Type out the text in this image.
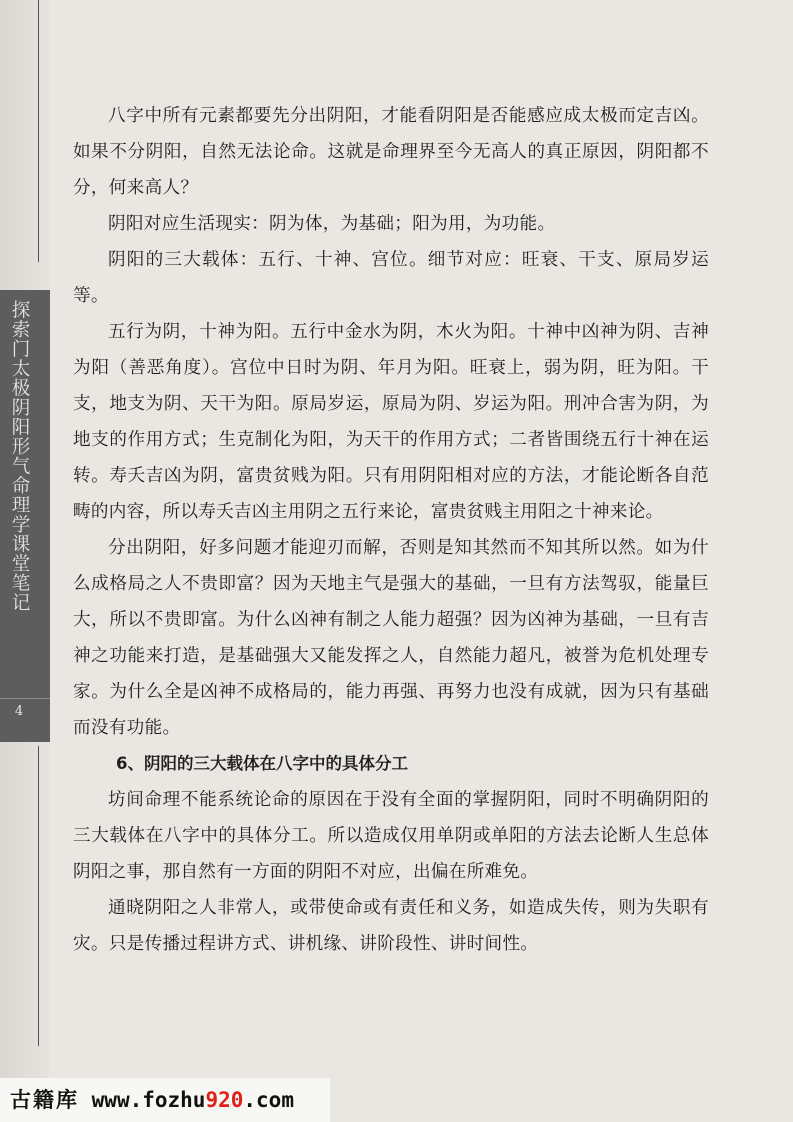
探索门太极阴阳形气命理学课堂笔记
4

八字中所有元素都要先分出阴阳，才能看阴阳是否能感应成太极而定吉凶。如果不分阴阳，自然无法论命。这就是命理界至今无高人的真正原因，阴阳都不分，何来高人？

阴阳对应生活现实：阴为体，为基础；阳为用，为功能。

阴阳的三大载体：五行、十神、宫位。细节对应：旺衰、干支、原局岁运等。

五行为阴，十神为阳。五行中金水为阴，木火为阳。十神中凶神为阴、吉神为阳（善恶角度）。宫位中日时为阴、年月为阳。旺衰上，弱为阴，旺为阳。干支，地支为阴、天干为阳。原局岁运，原局为阴、岁运为阳。刑冲合害为阴，为地支的作用方式；生克制化为阳，为天干的作用方式；二者皆围绕五行十神在运转。寿夭吉凶为阴，富贵贫贱为阳。只有用阴阳相对应的方法，才能论断各自范畴的内容，所以寿夭吉凶主用阴之五行来论，富贵贫贱主用阳之十神来论。

分出阴阳，好多问题才能迎刃而解，否则是知其然而不知其所以然。如为什么成格局之人不贵即富？因为天地主气是强大的基础，一旦有方法驾驭，能量巨大，所以不贵即富。为什么凶神有制之人能力超强？因为凶神为基础，一旦有吉神之功能来打造，是基础强大又能发挥之人，自然能力超凡，被誉为危机处理专家。为什么全是凶神不成格局的，能力再强、再努力也没有成就，因为只有基础而没有功能。

6、阴阳的三大载体在八字中的具体分工

坊间命理不能系统论命的原因在于没有全面的掌握阴阳，同时不明确阴阳的三大载体在八字中的具体分工。所以造成仅用单阴或单阳的方法去论断人生总体阴阳之事，那自然有一方面的阴阳不对应，出偏在所难免。

通晓阴阳之人非常人，或带使命或有责任和义务，如造成失传，则为失职有灾。只是传播过程讲方式、讲机缘、讲阶段性、讲时间性。

古籍库 www.fozhu920.com
